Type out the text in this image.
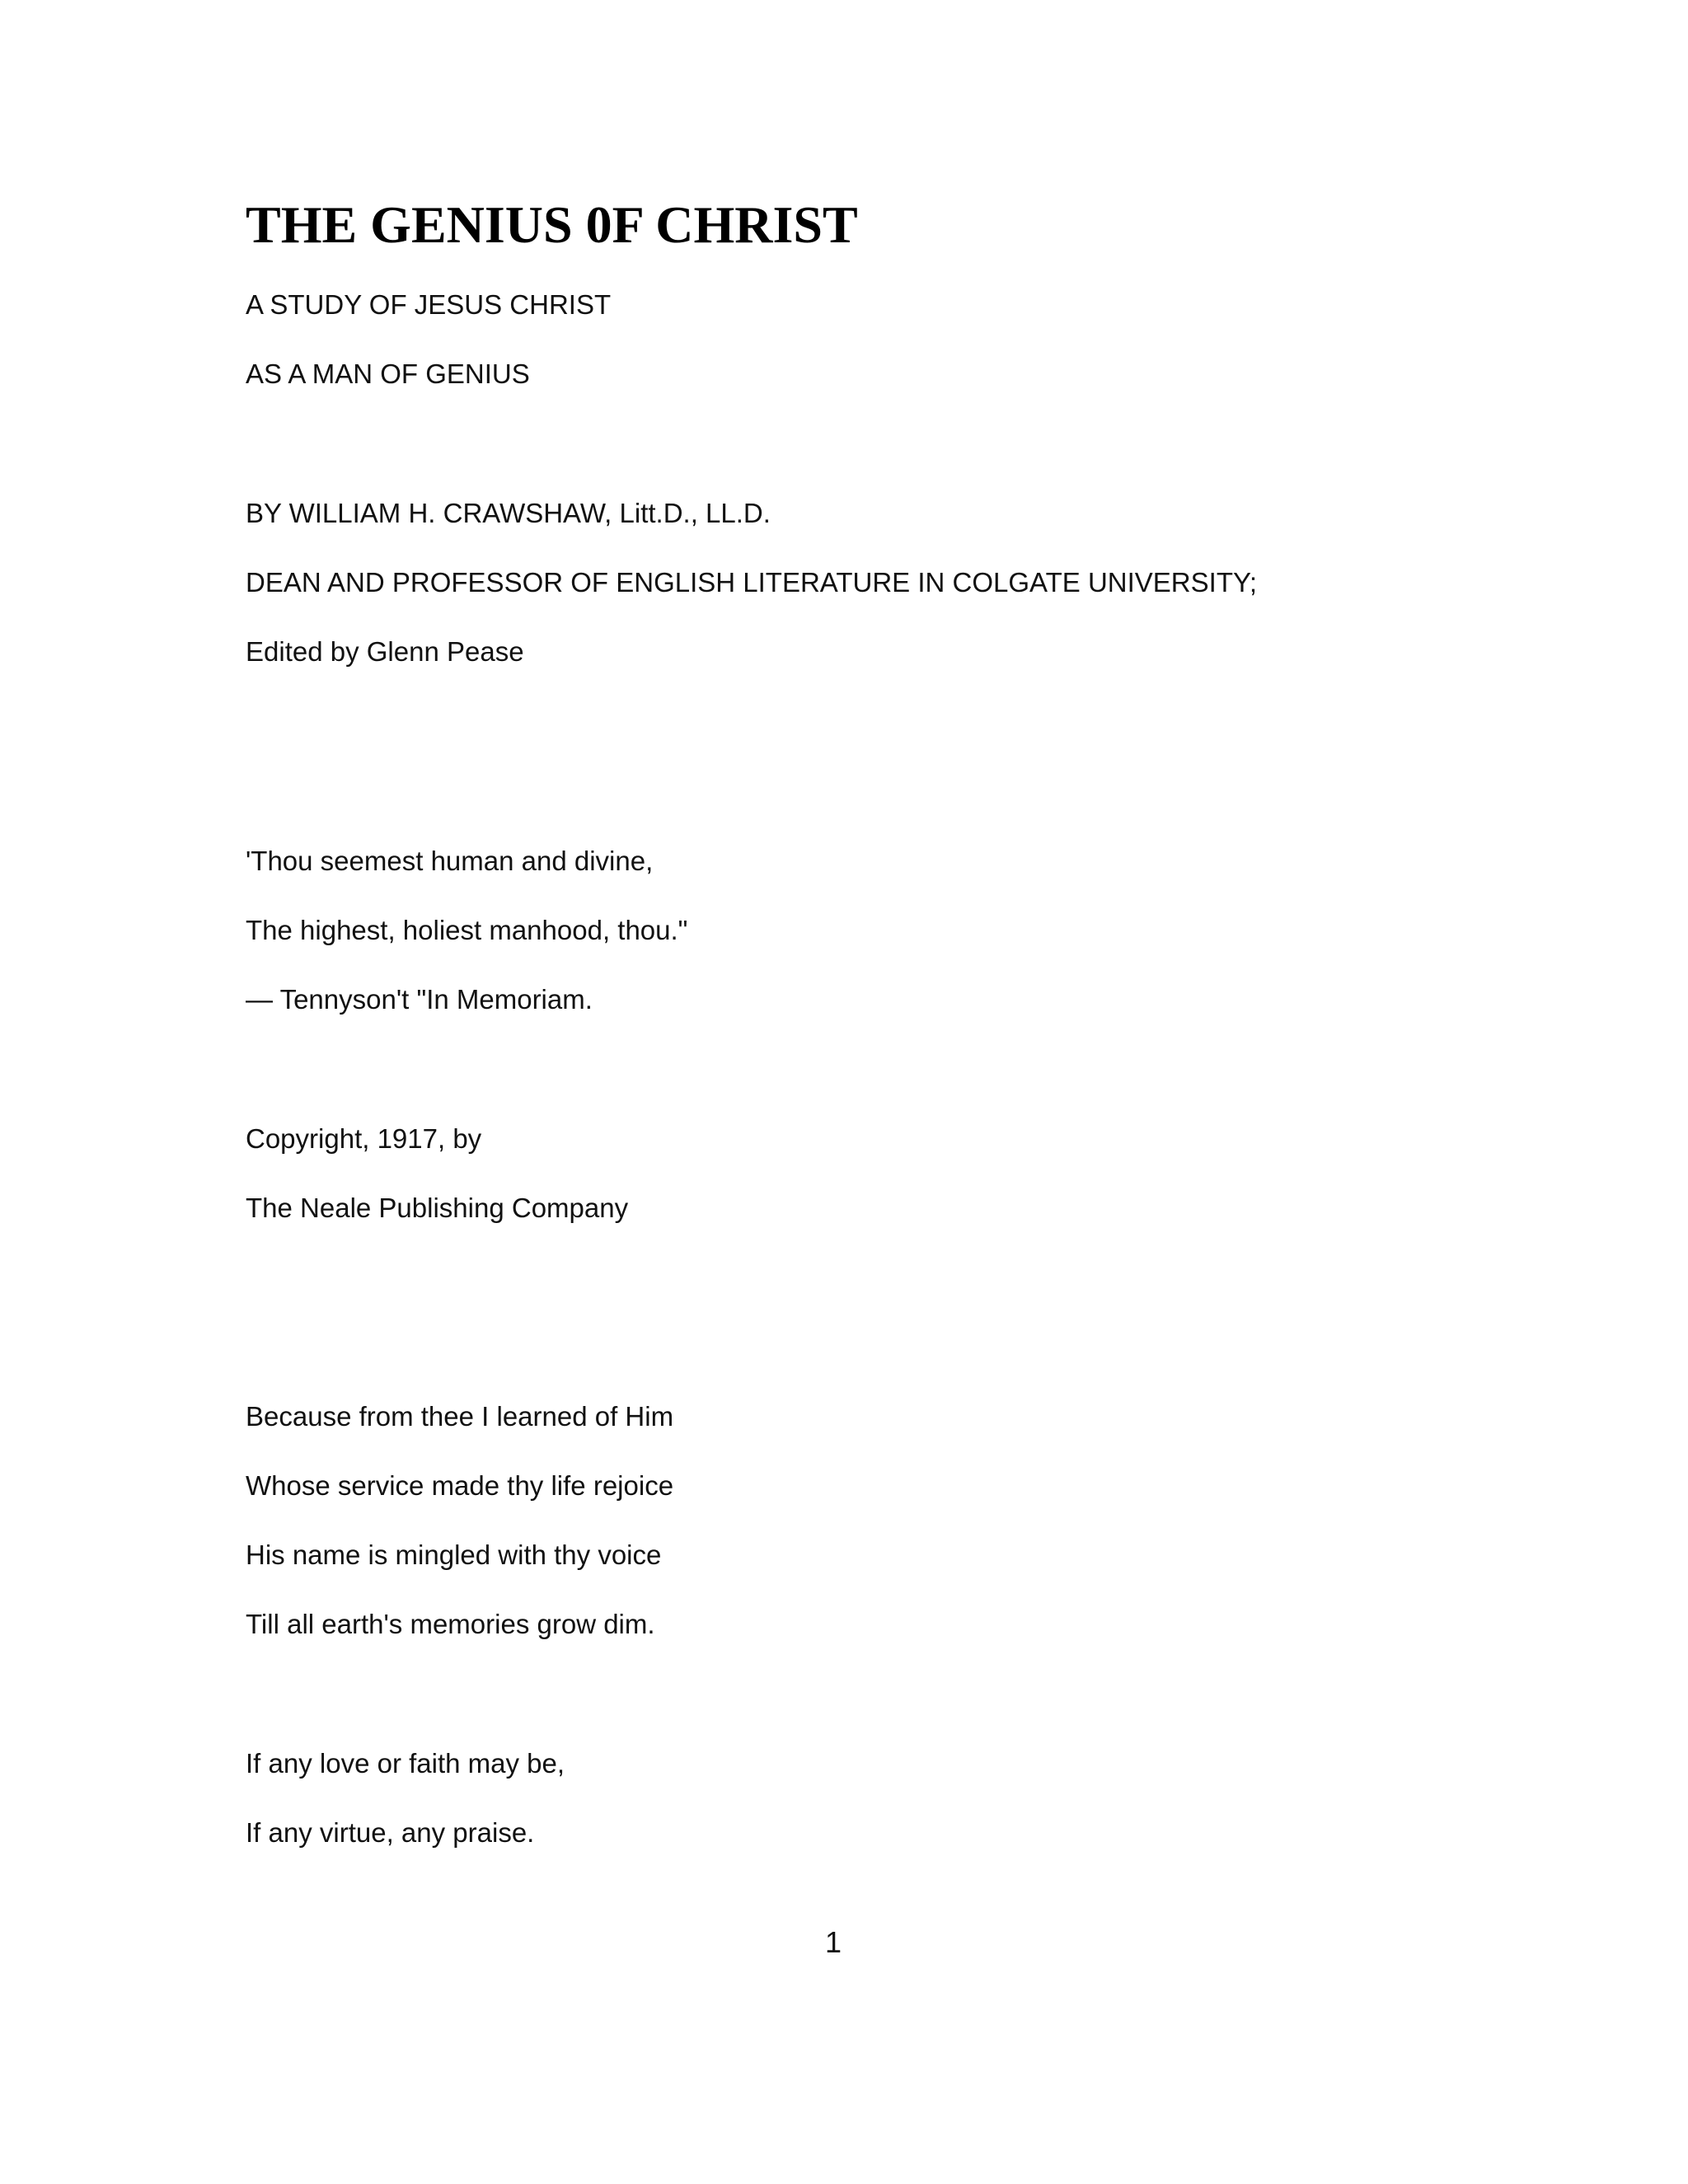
THE GENIUS 0F CHRIST
A STUDY OF JESUS CHRIST
AS A MAN OF GENIUS
BY WILLIAM H. CRAWSHAW, Litt.D., LL.D.
DEAN AND PROFESSOR OF ENGLISH LITERATURE IN COLGATE UNIVERSITY;
Edited by Glenn Pease
'Thou seemest human and divine,
The highest, holiest manhood, thou."
— Tennyson't "In Memoriam.
Copyright, 1917, by
The Neale Publishing Company
Because from thee I learned of Him
Whose service made thy life rejoice
His name is mingled with thy voice
Till all earth's memories grow dim.
If any love or faith may be,
If any virtue, any praise.
1
